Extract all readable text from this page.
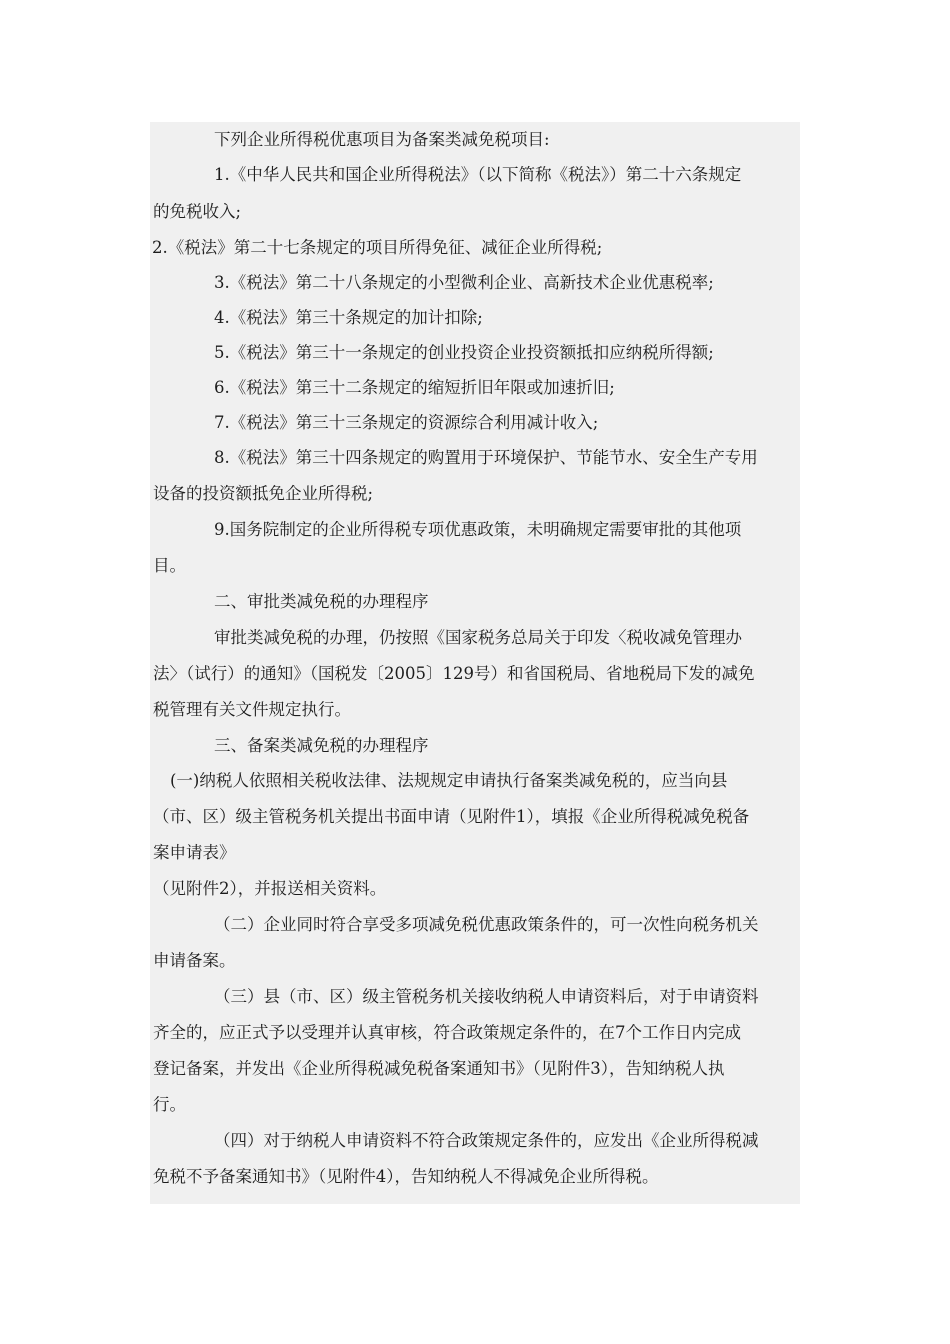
下列企业所得税优惠项目为备案类减免税项目:
1.《中华人民共和国企业所得税法》（以下简称《税法》）第二十六条规定
的免税收入;
2.《税法》第二十七条规定的项目所得免征、减征企业所得税;
3.《税法》第二十八条规定的小型微利企业、高新技术企业优惠税率;
4.《税法》第三十条规定的加计扣除;
5.《税法》第三十一条规定的创业投资企业投资额抵扣应纳税所得额;
6.《税法》第三十二条规定的缩短折旧年限或加速折旧;
7.《税法》第三十三条规定的资源综合利用减计收入;
8.《税法》第三十四条规定的购置用于环境保护、节能节水、安全生产专用
设备的投资额抵免企业所得税;
9.国务院制定的企业所得税专项优惠政策，未明确规定需要审批的其他项
目。
二、审批类减免税的办理程序
审批类减免税的办理，仍按照《国家税务总局关于印发〈税收减免管理办
法〉（试行）的通知》（国税发〔2005〕129号）和省国税局、省地税局下发的减免
税管理有关文件规定执行。
三、备案类减免税的办理程序
(一)纳税人依照相关税收法律、法规规定申请执行备案类减免税的，应当向县
（市、区）级主管税务机关提出书面申请（见附件1），填报《企业所得税减免税备
案申请表》
（见附件2），并报送相关资料。
（二）企业同时符合享受多项减免税优惠政策条件的，可一次性向税务机关
申请备案。
（三）县（市、区）级主管税务机关接收纳税人申请资料后，对于申请资料
齐全的，应正式予以受理并认真审核，符合政策规定条件的，在7个工作日内完成
登记备案，并发出《企业所得税减免税备案通知书》（见附件3），告知纳税人执
行。
（四）对于纳税人申请资料不符合政策规定条件的，应发出《企业所得税减
免税不予备案通知书》（见附件4），告知纳税人不得减免企业所得税。
